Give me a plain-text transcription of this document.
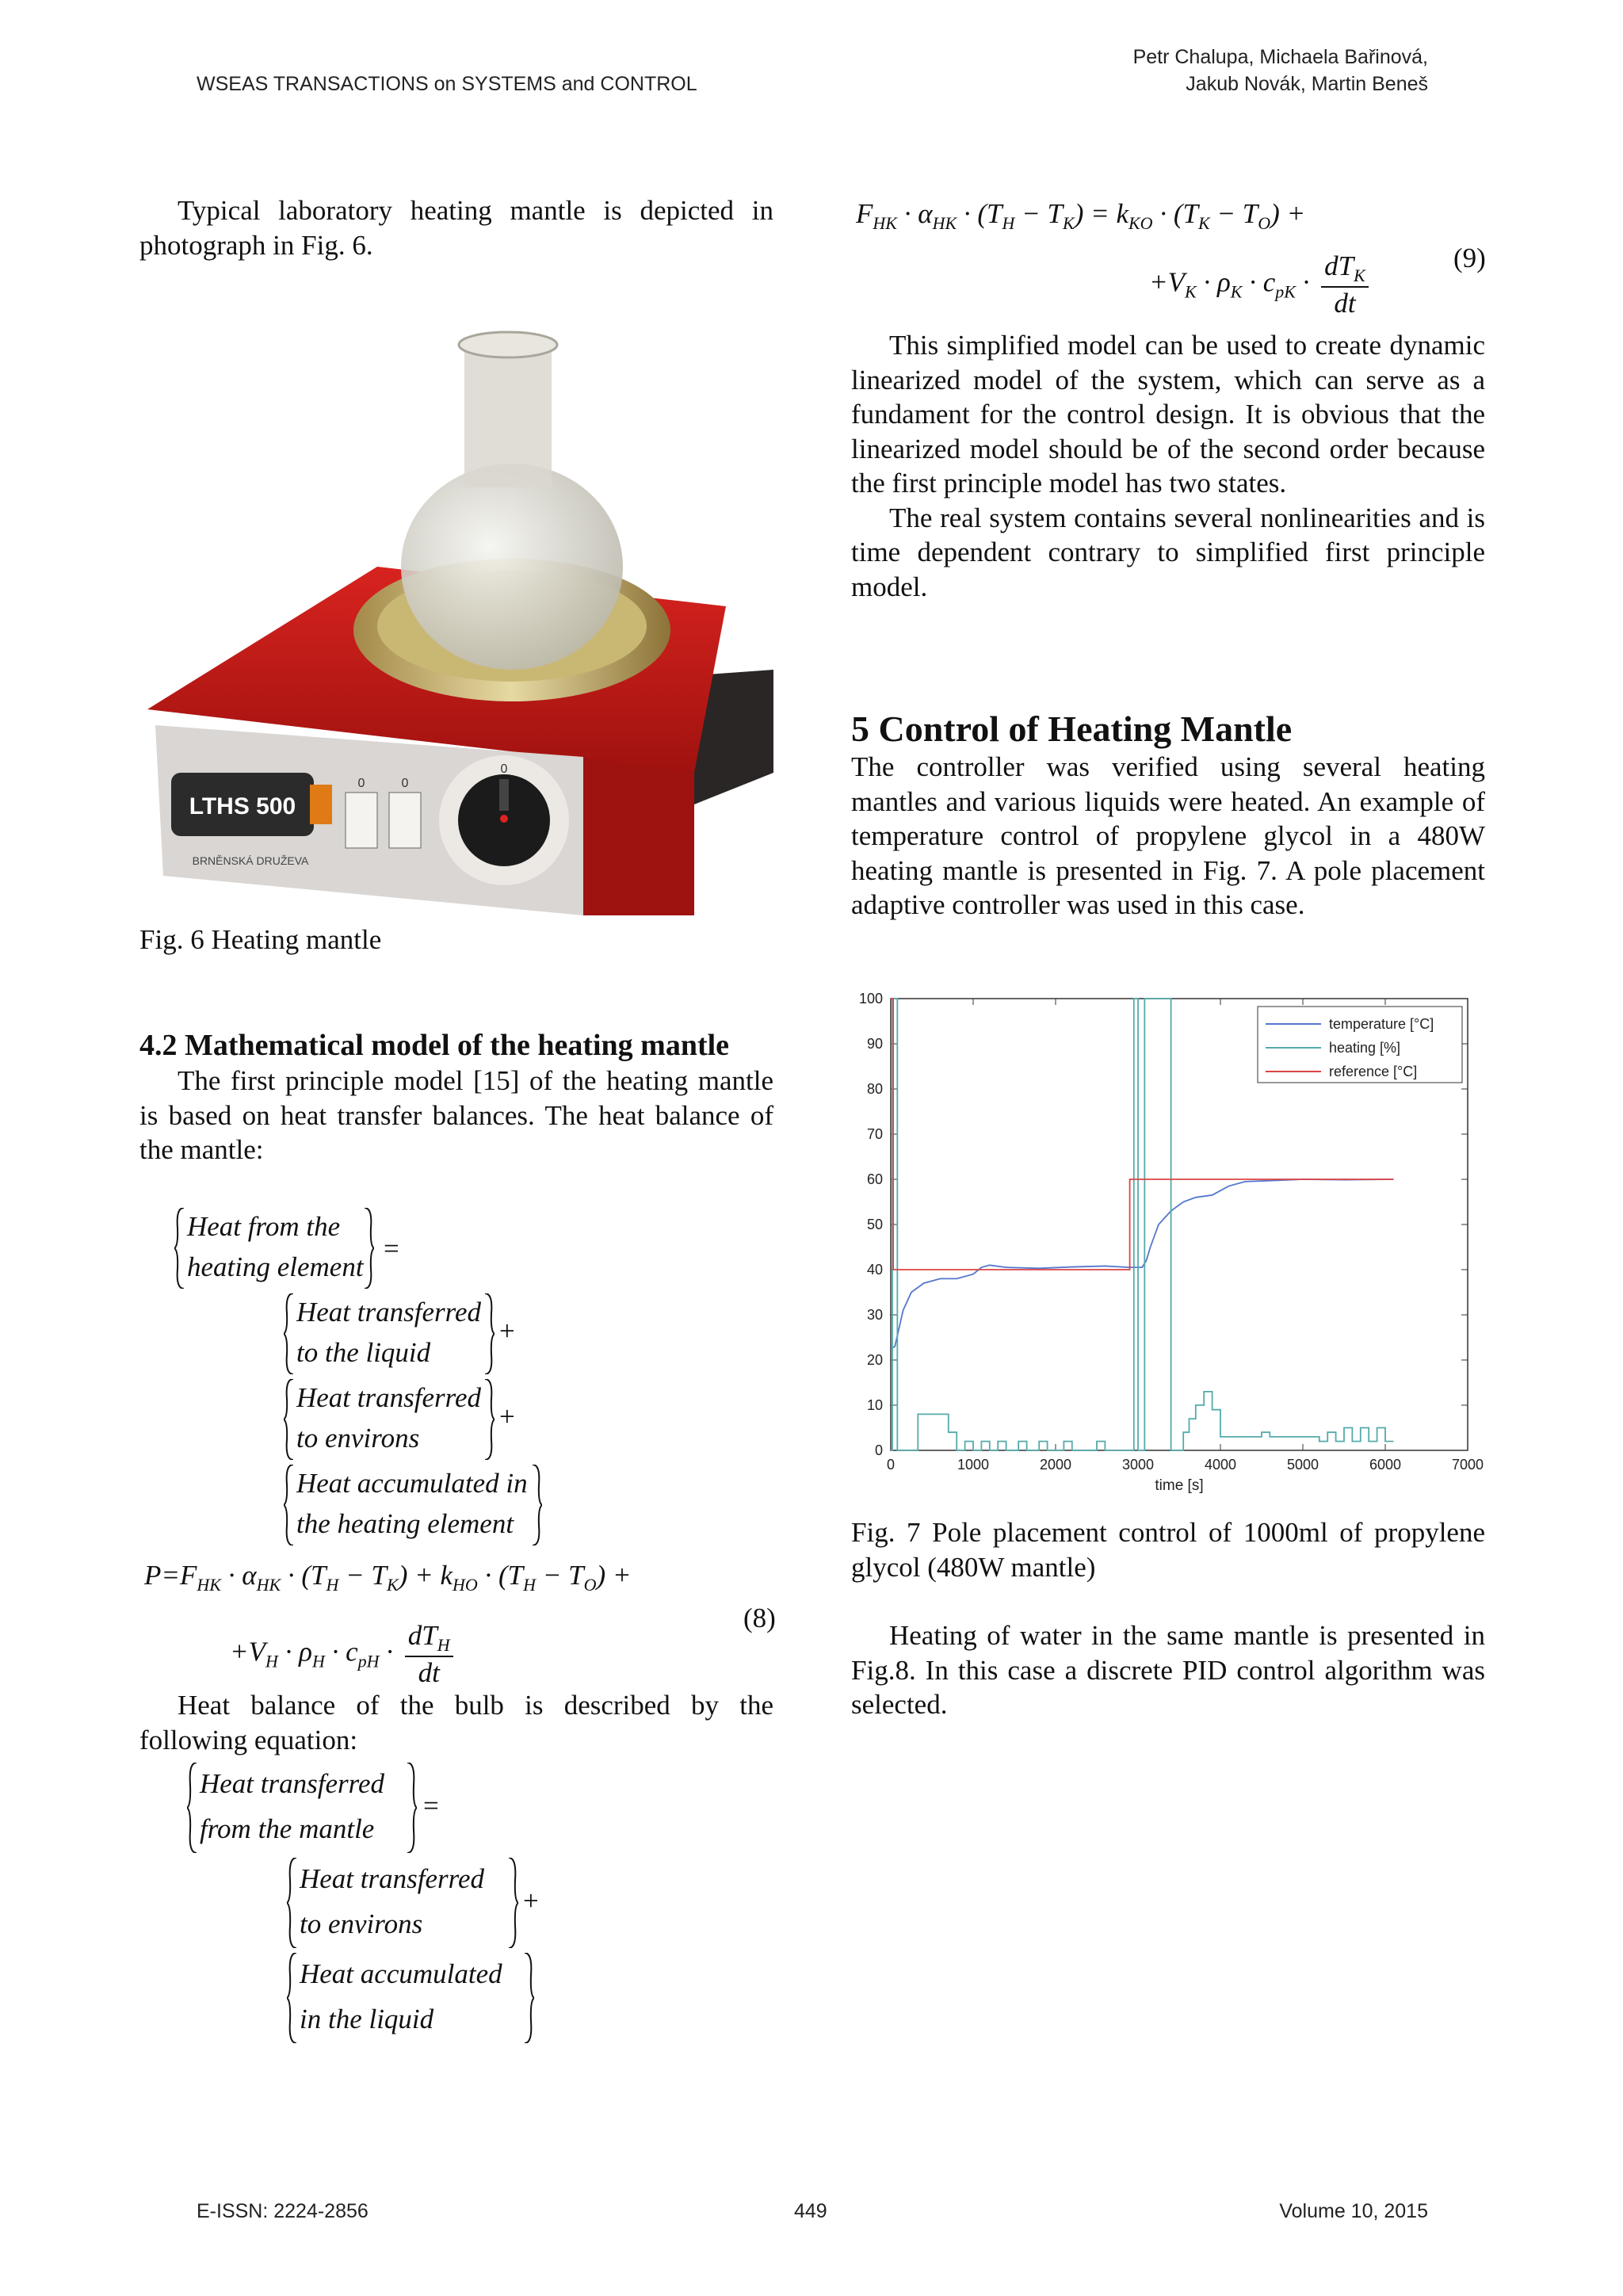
WSEAS TRANSACTIONS on SYSTEMS and CONTROL
Petr Chalupa, Michaela Bařinová,
Jakub Novák, Martin Beneš

Typical laboratory heating mantle is depicted in photograph in Fig. 6.

LTHS 500
BRNĚNSKÁ DRUŽEVA
0	0
0

Fig. 6 Heating mantle

4.2 Mathematical model of the heating mantle

The first principle model [15] of the heating mantle is based on heat transfer balances. The heat balance of the mantle:

Heat from the
heating element
=
Heat transferred
to the liquid
+
Heat transferred
to environs
+
Heat accumulated in
the heating element
$P=F_{HK} \cdot \alpha_{HK} \cdot (T_H - T_K) + k_{HO} \cdot (T_H - T_O)$ +
$+V_H \cdot \rho_H \cdot c_{pH}$ ·
$dT_H$
dt
(8)

Heat balance of the bulb is described by the following equation:

Heat transferred
from the mantle
=
Heat transferred
to environs
+
Heat accumulated
in the liquid
$F_{HK} \cdot \alpha_{HK} \cdot (T_H - T_K) = k_{KO} \cdot (T_K - T_O)$ +
$+V_K \cdot \rho_K \cdot c_{pK}$ ·
$dT_K$
dt
(9)

This simplified model can be used to create dynamic linearized model of the system, which can serve as a fundament for the control design. It is obvious that the linearized model should be of the second order because the first principle model has two states.

The real system contains several nonlinearities and is time dependent contrary to simplified first principle model.

5 Control of Heating Mantle

The controller was verified using several heating mantles and various liquids were heated. An example of temperature control of propylene glycol in a 480W heating mantle is presented in Fig. 7. A pole placement adaptive controller was used in this case.

0	1000	2000	3000	4000	5000	6000	7000
0
10
20
30
40
50
60
70
80
90
100
time [s]
temperature [°C]
heating [%]
reference [°C]

Fig. 7 Pole placement control of 1000ml of propylene glycol (480W mantle)

Heating of water in the same mantle is presented in Fig.8. In this case a discrete PID control algorithm was selected.

E-ISSN: 2224-2856	449	Volume 10, 2015
